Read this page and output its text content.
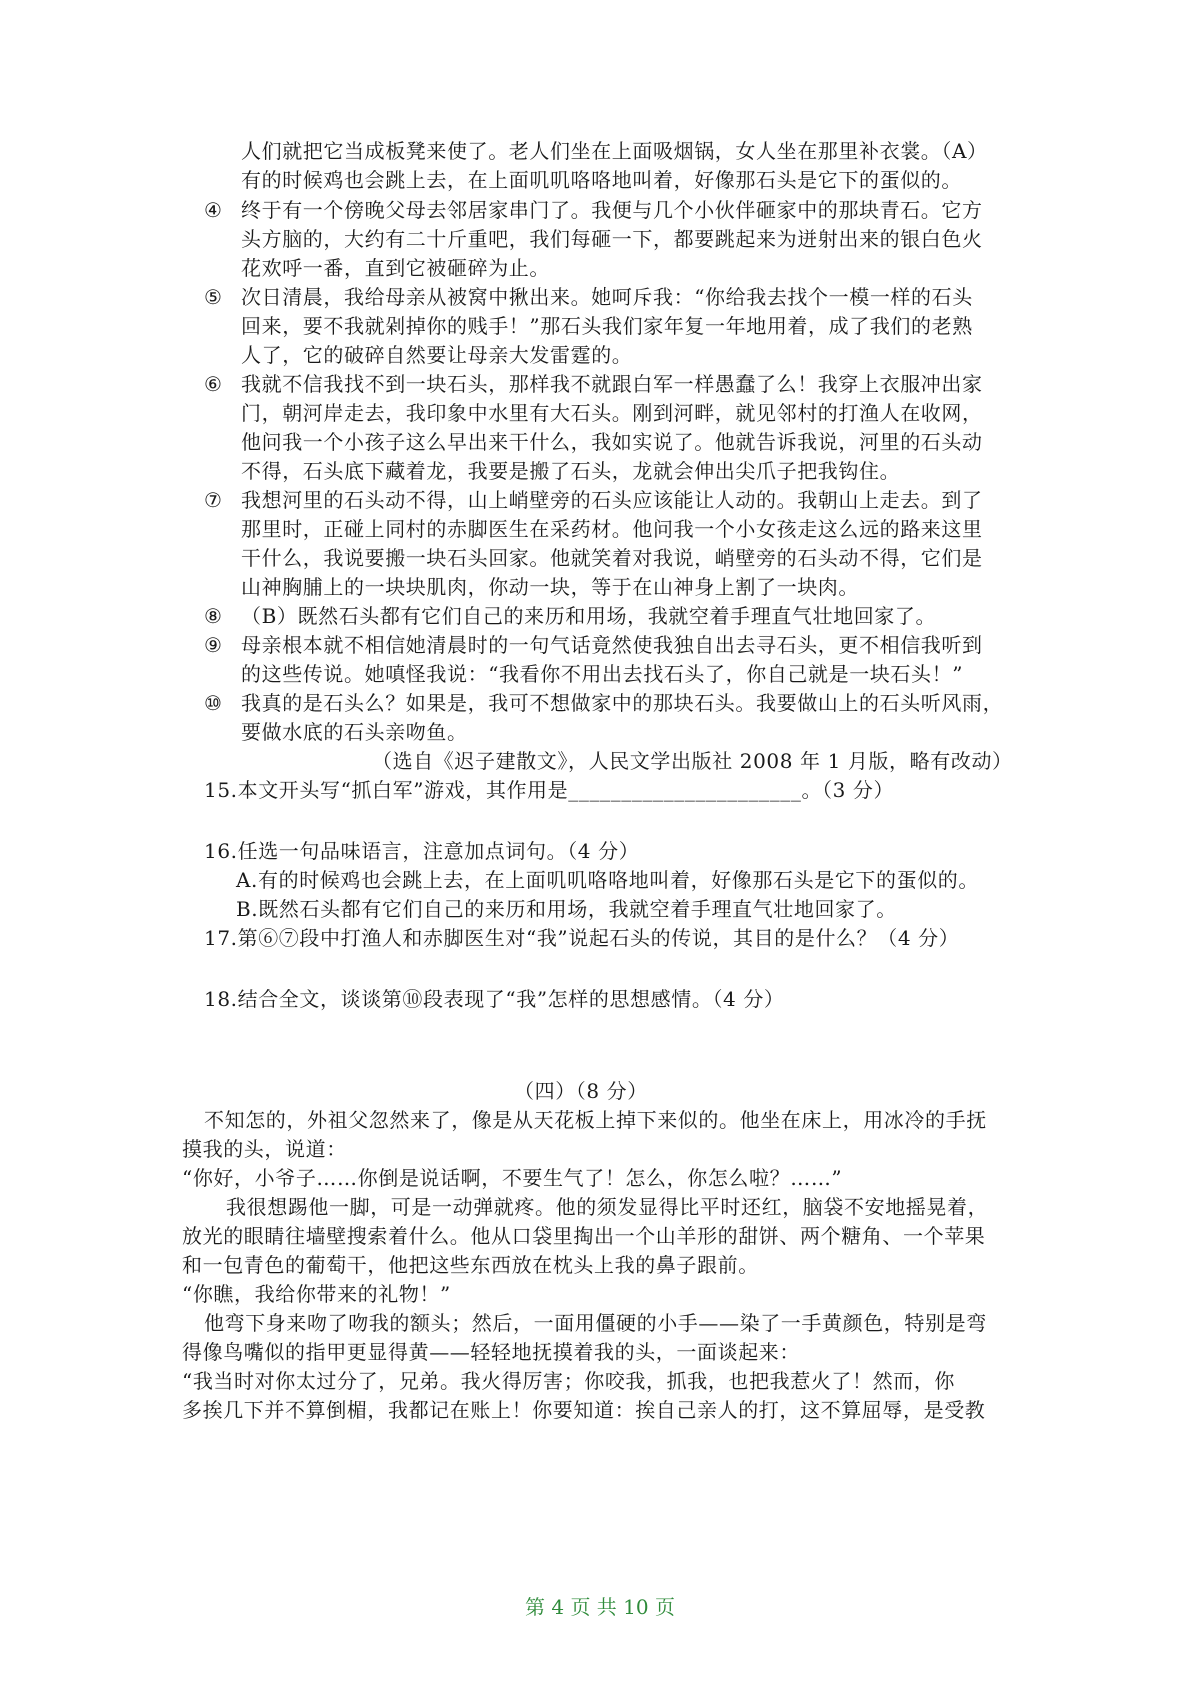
人们就把它当成板凳来使了。老人们坐在上面吸烟锅，女人坐在那里补衣裳。（A）
有的时候鸡也会跳上去，在上面叽叽咯咯地叫着，好像那石头是它下的蛋似的。
④ 终于有一个傍晚父母去邻居家串门了。我便与几个小伙伴砸家中的那块青石。它方
头方脑的，大约有二十斤重吧，我们每砸一下，都要跳起来为迸射出来的银白色火
花欢呼一番，直到它被砸碎为止。
⑤ 次日清晨，我给母亲从被窝中揪出来。她呵斥我：“你给我去找个一模一样的石头
回来，要不我就剁掉你的贱手！”那石头我们家年复一年地用着，成了我们的老熟
人了，它的破碎自然要让母亲大发雷霆的。
⑥ 我就不信我找不到一块石头，那样我不就跟白军一样愚蠢了么！我穿上衣服冲出家
门，朝河岸走去，我印象中水里有大石头。刚到河畔，就见邻村的打渔人在收网，
他问我一个小孩子这么早出来干什么，我如实说了。他就告诉我说，河里的石头动
不得，石头底下藏着龙，我要是搬了石头，龙就会伸出尖爪子把我钩住。
⑦ 我想河里的石头动不得，山上峭壁旁的石头应该能让人动的。我朝山上走去。到了
那里时，正碰上同村的赤脚医生在采药材。他问我一个小女孩走这么远的路来这里
干什么，我说要搬一块石头回家。他就笑着对我说，峭壁旁的石头动不得，它们是
山神胸脯上的一块块肌肉，你动一块，等于在山神身上割了一块肉。
⑧ （B）既然石头都有它们自己的来历和用场，我就空着手理直气壮地回家了。
⑨ 母亲根本就不相信她清晨时的一句气话竟然使我独自出去寻石头，更不相信我听到
的这些传说。她嗔怪我说：“我看你不用出去找石头了，你自己就是一块石头！”
⑩ 我真的是石头么？如果是，我可不想做家中的那块石头。我要做山上的石头听风雨，
要做水底的石头亲吻鱼。
（选自《迟子建散文》，人民文学出版社 2008 年 1 月版，略有改动）
15.本文开头写“抓白军”游戏，其作用是______________________。（3 分）
16.任选一句品味语言，注意加点词句。（4 分）
A.有的时候鸡也会跳上去，在上面叽叽咯咯地叫着，好像那石头是它下的蛋似的。
B.既然石头都有它们自己的来历和用场，我就空着手理直气壮地回家了。
17.第⑥⑦段中打渔人和赤脚医生对“我”说起石头的传说，其目的是什么？（4 分）
18.结合全文，谈谈第⑩段表现了“我”怎样的思想感情。（4 分）
（四）（8 分）
不知怎的，外祖父忽然来了，像是从天花板上掉下来似的。他坐在床上，用冰冷的手抚
摸我的头，说道：
“你好，小爷子……你倒是说话啊，不要生气了！怎么，你怎么啦？……”
我很想踢他一脚，可是一动弹就疼。他的须发显得比平时还红，脑袋不安地摇晃着，
放光的眼睛往墙壁搜索着什么。他从口袋里掏出一个山羊形的甜饼、两个糖角、一个苹果
和一包青色的葡萄干，他把这些东西放在枕头上我的鼻子跟前。
“你瞧，我给你带来的礼物！”
他弯下身来吻了吻我的额头；然后，一面用僵硬的小手——染了一手黄颜色，特别是弯
得像鸟嘴似的指甲更显得黄——轻轻地抚摸着我的头，一面谈起来：
“我当时对你太过分了，兄弟。我火得厉害；你咬我，抓我，也把我惹火了！然而，你
多挨几下并不算倒楣，我都记在账上！你要知道：挨自己亲人的打，这不算屈辱，是受教
第 4 页 共 10 页
